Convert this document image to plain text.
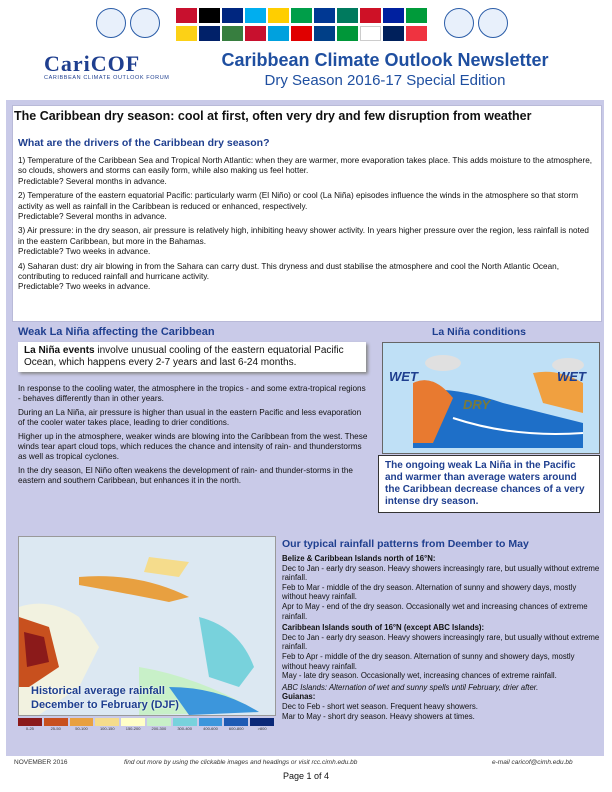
CariCOF
CARIBBEAN CLIMATE OUTLOOK FORUM
Caribbean Climate Outlook Newsletter
Dry Season 2016-17 Special Edition
The Caribbean dry season: cool at first, often very dry and few disruption from weather
What are the drivers of the Caribbean dry season?
1) Temperature of the Caribbean Sea and Tropical North Atlantic: when they are warmer, more evaporation takes place. This adds moisture to the atmosphere, so clouds, showers and storms can easily form, while also making us feel hotter.
Predictable? Several months in advance.
2) Temperature of the eastern equatorial Pacific: particularly warm (El Niño) or cool (La Niña) episodes influence the winds in the atmosphere so that storm activity as well as rainfall in the Caribbean is reduced or enhanced, respectively.
Predictable? Several months in advance.
3) Air pressure: in the dry season, air pressure is relatively high, inhibiting heavy shower activity. In years higher pressure over the region, less rainfall is noted in the eastern Caribbean, but more in the Bahamas.
Predictable? Two weeks in advance.
4) Saharan dust: dry air blowing in from the Sahara can carry dust. This dryness and dust stabilise the atmosphere and cool the North Atlantic Ocean, contributing to reduced rainfall and hurricane activity.
Predictable? Two weeks in advance.
Weak La Niña affecting the Caribbean
La Niña events involve unusual cooling of the eastern equatorial Pacific Ocean, which happens every 2-7 years and last 6-24 months.

In response to the cooling water, the atmosphere in the tropics - and some extra-tropical regions - behaves differently than in other years.

During an La Niña, air pressure is higher than usual in the eastern Pacific and less evaporation of the cooler water takes place, leading to drier conditions.

Higher up in the atmosphere, weaker winds are blowing into the Caribbean from the west. These winds tear apart cloud tops, which reduces the chance and intensity of rain- and thunderstorms as well as tropical cyclones.

In the dry season, El Niño often weakens the development of rain- and thunder-storms in the eastern and southern Caribbean, but enhances it in the north.

La Niña conditions
WET	WET
DRY
The ongoing weak La Niña in the Pacific and warmer than average waters around the Caribbean decrease chances of a very intense dry season.
Historical average rainfall
December to February (DJF)
0-25	25-50	50-100	100-150	150-200	200-300	300-400	400-600	600-800	>800
Our typical rainfall patterns from Deember to May
Belize & Caribbean Islands north of 16°N:
Dec to Jan - early dry season. Heavy showers increasingly rare, but usually without extreme rainfall.
Feb to Mar - middle of the dry season. Alternation of sunny and showery days, mostly without heavy rainfall.
Apr to May - end of the dry season. Occasionally wet and increasing chances of extreme rainfall.
Caribbean Islands south of 16°N (except ABC Islands):
Dec to Jan - early dry season. Heavy showers increasingly rare, but usually without extreme rainfall.
Feb to Apr - middle of the dry season. Alternation of sunny and showery days, mostly without heavy rainfall.
May - late dry season. Occasionally wet, increasing chances of extreme rainfall.
ABC Islands: Alternation of wet and sunny spells until February, drier after.
Guianas:
Dec to Feb - short wet season. Frequent heavy showers.
Mar to May - short dry season. Heavy showers at times.
NOVEMBER 2016	find out more by using the clickable images and headings or visit rcc.cimh.edu.bb	e-mail caricof@cimh.edu.bb
Page 1 of 4
